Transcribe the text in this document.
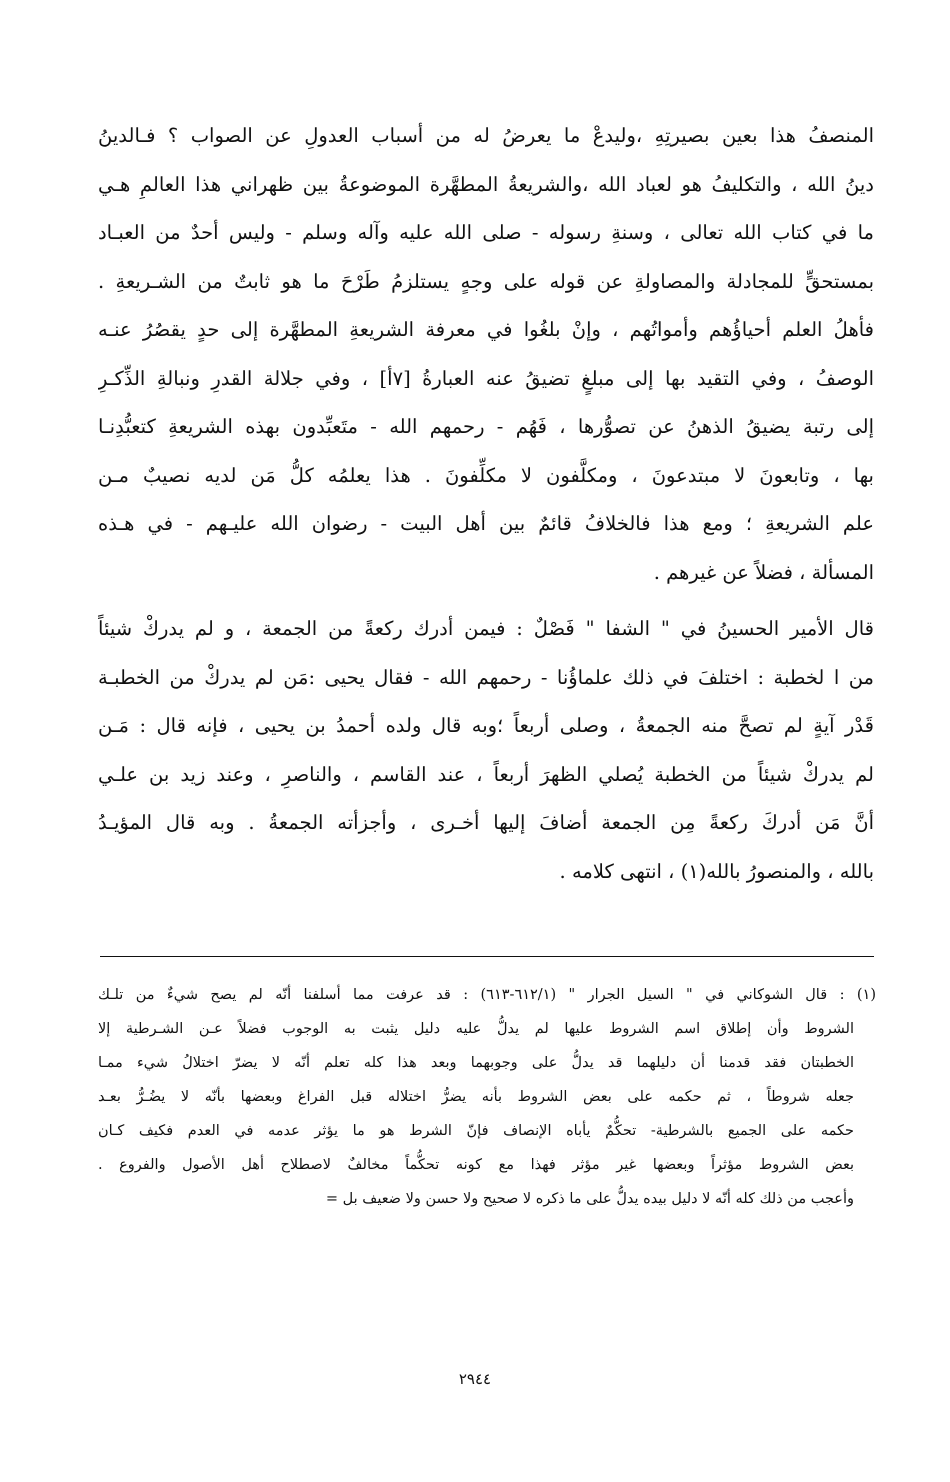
المنصفُ هذا بعين بصيرتِهِ ،وليدعْ ما يعرضُ له من أسباب العدولِ عن الصواب ؟ فـالدينُ
دينُ الله ، والتكليفُ هو لعباد الله ،والشريعةُ المطهَّرة الموضوعةُ بين ظهراني هذا العالمِ هـي
ما في كتاب الله تعالى ، وسنةِ رسوله - صلى الله عليه وآله وسلم - وليس أحدٌ من العبـاد
بمستحقٍّ للمجادلة والمصاولةِ عن قوله على وجهٍ يستلزمُ طَرْحَ ما هو ثابتٌ من الشـريعةِ .
فأهلُ العلم أحياؤُهم وأمواتُهم ، وإنْ بلغُوا في معرفة الشريعةِ المطهَّرة إلى حدٍ يقصُرُ عنـه
الوصفُ ، وفي التقيد بها إلى مبلغٍ تضيقُ عنه العبارةُ [٧أ] ، وفي جلالة القدرِ ونبالةِ الذِّكـرِ
إلى رتبة يضيقُ الذهنُ عن تصوُّرها ، فَهُم - رحمهم الله - متَعبِّدون بهذه الشريعةِ كتعبُّدِنـا
بها ، وتابعونَ لا مبتدعونَ ، ومكلَّفون لا مكلِّفونَ . هذا يعلمُه كلُّ مَن لديه نصيبٌ مـن
علم الشريعةِ ؛ ومع هذا فالخلافُ قائمٌ بين أهل البيت - رضوان الله عليـهم - في هـذه
المسألة ، فضلاً عن غيرهم .
قال الأمير الحسينُ في " الشفا " فَصْلٌ : فيمن أدرك ركعةً من الجمعة ، و لم يدركْ شيئاً
من ا لخطبة : اختلفَ في ذلك علماؤُنا - رحمهم الله - فقال يحيى :مَن لم يدركْ من الخطبـة
قَدْر آيةٍ لم تصحَّ منه الجمعةُ ، وصلى أربعاً ؛وبه قال ولده أحمدُ بن يحيى ، فإنه قال : مَـن
لم يدركْ شيئاً من الخطبة يُصلي الظهرَ أربعاً ، عند القاسم ، والناصرِ ، وعند زيد بن علـي
أنَّ مَن أدركَ ركعةً مِن الجمعة أضافَ إليها أخـرى ، وأجزأته الجمعةُ . وبه قال المؤيـدُ
بالله ، والمنصورُ بالله(١) ، انتهى كلامه .
(١) : قال الشوكاني في " السيل الجرار " (٦١٢/١-٦١٣) : قد عرفت مما أسلفنا أنّه لم يصح شيءٌ من تلـك
الشروط وأن إطلاق اسم الشروط عليها لم يدلُّ عليه دليل يثبت به الوجوب فضلاً عـن الشـرطية إلا
الخطبتان فقد قدمنا أن دليلهما قد يدلُّ على وجوبهما وبعد هذا كله تعلم أنّه لا يضرّ اختلالُ شيء ممـا
جعله شروطاً ، ثم حكمه على بعض الشروط بأنه يضرُّ اختلاله قبل الفراغ وبعضها بأنّه لا يضُـرُّ بعـد
حكمه على الجميع بالشرطية- تحكُّمٌ يأباه الإنصاف فإنّ الشرط هو ما يؤثر عدمه في العدم فكيف كـان
بعض الشروط مؤثراً وبعضها غير مؤثر فهذا مع كونه تحكُّماً مخالفٌ لاصطلاح أهل الأصول والفروع .
وأعجب من ذلك كله أنّه لا دليل بيده يدلُّ على ما ذكره لا صحيح ولا حسن ولا ضعيف بل =
٢٩٤٤
